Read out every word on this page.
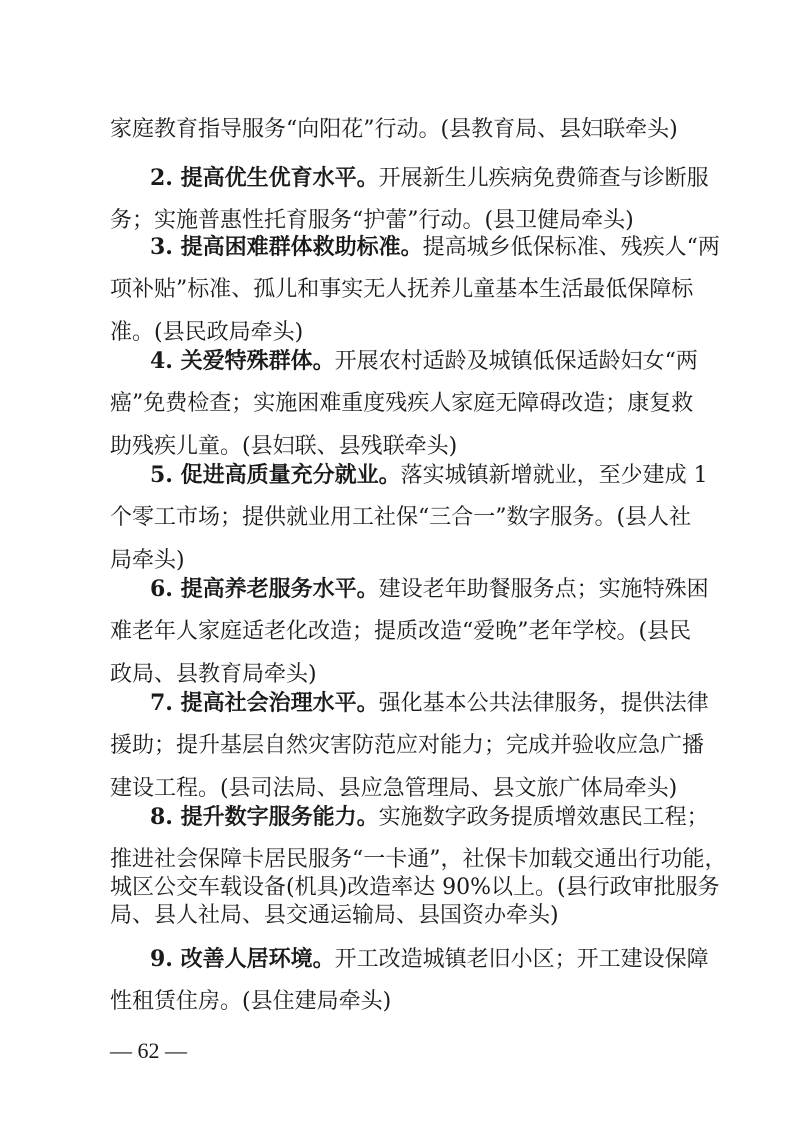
家庭教育指导服务“向阳花”行动。(县教育局、县妇联牵头)
2. 提高优生优育水平。开展新生儿疾病免费筛查与诊断服
务；实施普惠性托育服务“护蕾”行动。(县卫健局牵头)
3. 提高困难群体救助标准。提高城乡低保标准、残疾人“两
项补贴”标准、孤儿和事实无人抚养儿童基本生活最低保障标
准。(县民政局牵头)
4. 关爱特殊群体。开展农村适龄及城镇低保适龄妇女“两
癌”免费检查；实施困难重度残疾人家庭无障碍改造；康复救
助残疾儿童。(县妇联、县残联牵头)
5. 促进高质量充分就业。落实城镇新增就业，至少建成 1
个零工市场；提供就业用工社保“三合一”数字服务。(县人社
局牵头)
6. 提高养老服务水平。建设老年助餐服务点；实施特殊困
难老年人家庭适老化改造；提质改造“爱晚”老年学校。(县民
政局、县教育局牵头)
7. 提高社会治理水平。强化基本公共法律服务，提供法律
援助；提升基层自然灾害防范应对能力；完成并验收应急广播
建设工程。(县司法局、县应急管理局、县文旅广体局牵头)
8. 提升数字服务能力。实施数字政务提质增效惠民工程；
推进社会保障卡居民服务“一卡通”，社保卡加载交通出行功能，
城区公交车载设备(机具)改造率达 90%以上。(县行政审批服务
局、县人社局、县交通运输局、县国资办牵头)
9. 改善人居环境。开工改造城镇老旧小区；开工建设保障
性租赁住房。(县住建局牵头)
— 62 —
